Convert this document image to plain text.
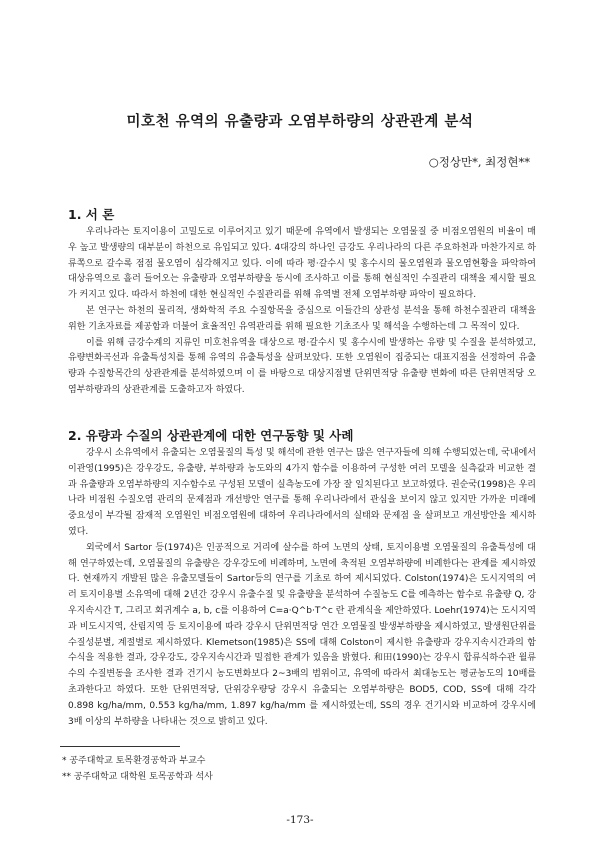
미호천 유역의 유출량과 오염부하량의 상관관계 분석
○정상만*, 최정현**
1. 서 론

우리나라는 토지이용이 고밀도로 이루어지고 있기 때문에 유역에서 발생되는 오염물질 중 비점오염원의 비율이 매우 높고 발생량의 대부분이 하천으로 유입되고 있다. 4대강의 하나인 금강도 우리나라의 다른 주요하천과 마찬가지로 하류쪽으로 갈수록 점점 물오염이 심각해지고 있다. 이에 따라 평·갈수시 및 홍수시의 물오염원과 물오염현황을 파악하여 대상유역으로 흘러 들어오는 유출량과 오염부하량을 동시에 조사하고 이를 통해 현실적인 수질관리 대책을 제시할 필요가 커지고 있다. 따라서 하천에 대한 현실적인 수질관리를 위해 유역별 전체 오염부하량 파악이 필요하다.

본 연구는 하천의 물리적, 생화학적 주요 수질항목을 중심으로 이들간의 상관성 분석을 통해 하천수질관리 대책을 위한 기초자료를 제공함과 더불어 효율적인 유역관리를 위해 필요한 기초조사 및 해석을 수행하는데 그 목적이 있다.

이를 위해 금강수계의 지류인 미호천유역을 대상으로 평·갈수시 및 홍수시에 발생하는 유량 및 수질을 분석하였고, 유량변화곡선과 유출특성치를 통해 유역의 유출특성을 살펴보았다. 또한 오염원이 집중되는 대표지점을 선정하여 유출량과 수질항목간의 상관관계를 분석하였으며 이 를 바탕으로 대상지점별 단위면적당 유출량 변화에 따른 단위면적당 오염부하량과의 상관관계를 도출하고자 하였다.

2. 유량과 수질의 상관관계에 대한 연구동향 및 사례

강우시 소유역에서 유출되는 오염물질의 특성 및 해석에 관한 연구는 많은 연구자들에 의해 수행되었는데, 국내에서 이관영(1995)은 강우강도, 유출량, 부하량과 농도와의 4가지 함수를 이용하여 구성한 여러 모델을 실측값과 비교한 결과 유출량과 오염부하량의 지수함수로 구성된 모델이 실측농도에 가장 잘 일치된다고 보고하였다. 권순국(1998)은 우리나라 비점원 수질오염 관리의 문제점과 개선방안 연구를 통해 우리나라에서 관심을 보이지 않고 있지만 가까운 미래에 중요성이 부각될 잠재적 오염원인 비점오염원에 대하여 우리나라에서의 실태와 문제점 을 살펴보고 개선방안을 제시하였다.

외국에서 Sartor 등(1974)은 인공적으로 거리에 살수를 하여 노면의 상태, 토지이용별 오염물질의 유출특성에 대해 연구하였는데, 오염물질의 유출량은 강우강도에 비례하며, 노면에 축적된 오염부하량에 비례한다는 관계를 제시하였다. 현재까지 개발된 많은 유출모델들이 Sartor등의 연구를 기초로 하여 제시되었다. Colston(1974)은 도시지역의 여러 토지이용별 소유역에 대해 2년간 강우시 유출수질 및 유출량을 분석하여 수질농도 C를 예측하는 함수로 유출량 Q, 강우지속시간 T, 그리고 회귀계수 a, b, c를 이용하여 C=a·Q^b·T^c 란 관계식을 제안하였다. Loehr(1974)는 도시지역과 비도시지역, 산림지역 등 토지이용에 따라 강우시 단위면적당 연간 오염물질 발생부하량을 제시하였고, 발생원단위를 수질성분별, 계절별로 제시하였다. Klemetson(1985)은 SS에 대해 Colston이 제시한 유출량과 강우지속시간과의 함수식을 적용한 결과, 강우강도, 강우지속시간과 밀접한 관계가 있음을 밝혔다. 和田(1990)는 강우시 합류식하수관 월류수의 수질변동을 조사한 결과 건기시 농도변화보다 2~3배의 범위이고, 유역에 따라서 최대농도는 평균농도의 10배를 초과한다고 하였다. 또한 단위면적당, 단위강우량당 강우시 유출되는 오염부하량은 BOD5, COD, SS에 대해 각각 0.898 kg/ha/mm, 0.553 kg/ha/mm, 1.897 kg/ha/mm 를 제시하였는데, SS의 경우 건기시와 비교하여 강우시에 3배 이상의 부하량을 나타내는 것으로 밝히고 있다.

* 공주대학교 토목환경공학과 부교수
** 공주대학교 대학원 토목공학과 석사
-173-
